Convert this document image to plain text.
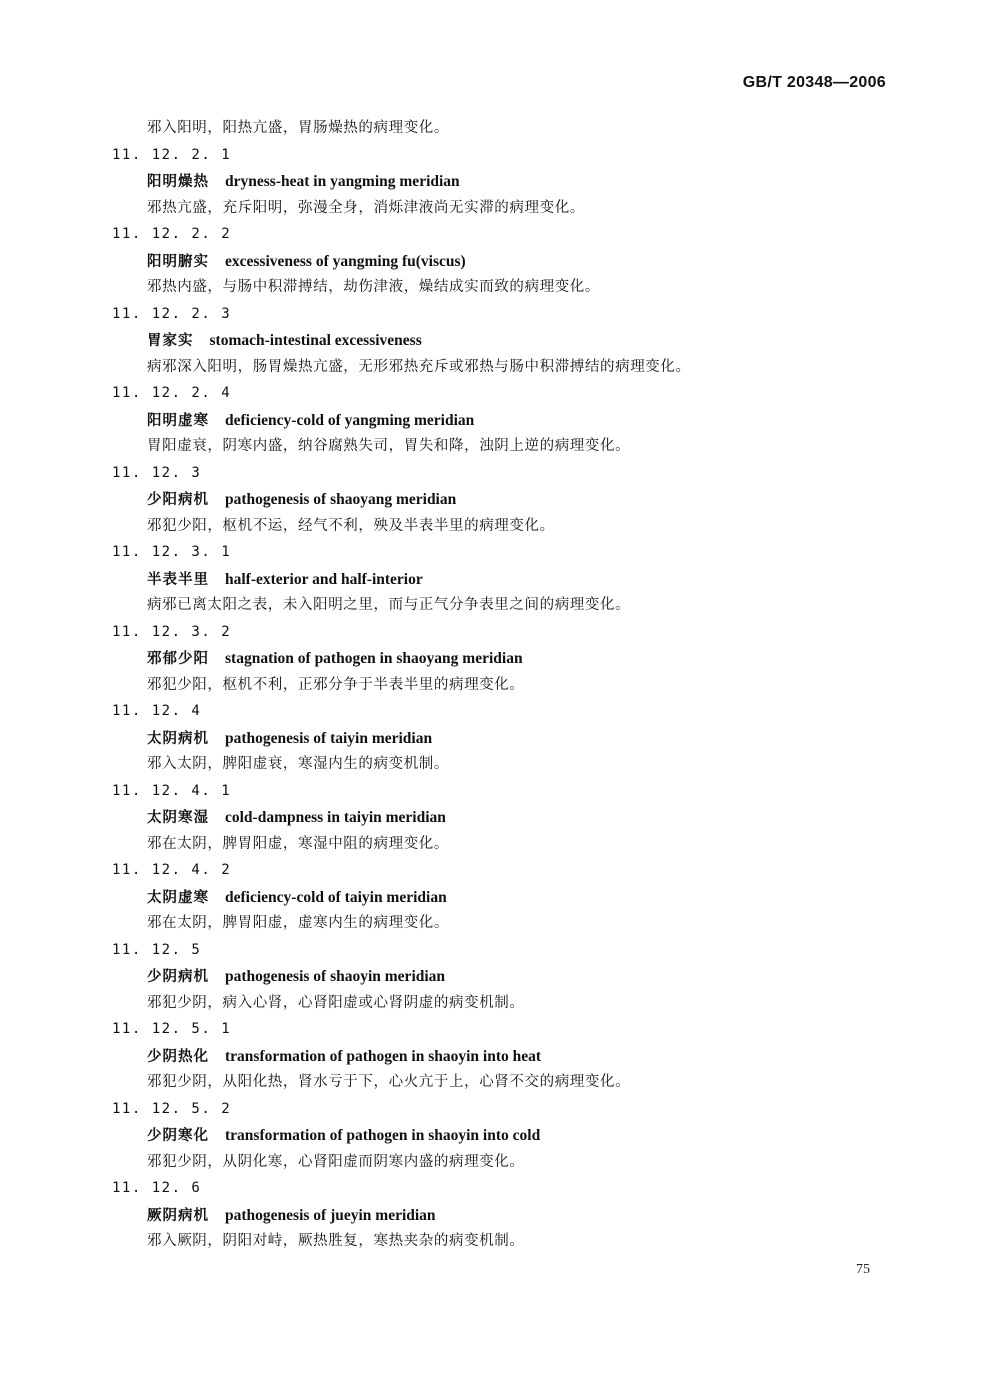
GB/T 20348—2006
邪入阳明，阳热亢盛，胃肠燥热的病理变化。
11. 12. 2. 1
阳明燥热 dryness-heat in yangming meridian
邪热亢盛，充斥阳明，弥漫全身，消烁津液尚无实滞的病理变化。
11. 12. 2. 2
阳明腑实 excessiveness of yangming fu(viscus)
邪热内盛，与肠中积滞搏结，劫伤津液，燥结成实而致的病理变化。
11. 12. 2. 3
胃家实 stomach-intestinal excessiveness
病邪深入阳明，肠胃燥热亢盛，无形邪热充斥或邪热与肠中积滞搏结的病理变化。
11. 12. 2. 4
阳明虚寒 deficiency-cold of yangming meridian
胃阳虚衰，阴寒内盛，纳谷腐熟失司，胃失和降，浊阴上逆的病理变化。
11. 12. 3
少阳病机 pathogenesis of shaoyang meridian
邪犯少阳，枢机不运，经气不利，殃及半表半里的病理变化。
11. 12. 3. 1
半表半里 half-exterior and half-interior
病邪已离太阳之表，未入阳明之里，而与正气分争表里之间的病理变化。
11. 12. 3. 2
邪郁少阳 stagnation of pathogen in shaoyang meridian
邪犯少阳，枢机不利，正邪分争于半表半里的病理变化。
11. 12. 4
太阴病机 pathogenesis of taiyin meridian
邪入太阴，脾阳虚衰，寒湿内生的病变机制。
11. 12. 4. 1
太阴寒湿 cold-dampness in taiyin meridian
邪在太阴，脾胃阳虚，寒湿中阻的病理变化。
11. 12. 4. 2
太阴虚寒 deficiency-cold of taiyin meridian
邪在太阴，脾胃阳虚，虚寒内生的病理变化。
11. 12. 5
少阴病机 pathogenesis of shaoyin meridian
邪犯少阴，病入心肾，心肾阳虚或心肾阴虚的病变机制。
11. 12. 5. 1
少阴热化 transformation of pathogen in shaoyin into heat
邪犯少阴，从阳化热，肾水亏于下，心火亢于上，心肾不交的病理变化。
11. 12. 5. 2
少阴寒化 transformation of pathogen in shaoyin into cold
邪犯少阴，从阴化寒，心肾阳虚而阴寒内盛的病理变化。
11. 12. 6
厥阴病机 pathogenesis of jueyin meridian
邪入厥阴，阴阳对峙，厥热胜复，寒热夹杂的病变机制。
75
